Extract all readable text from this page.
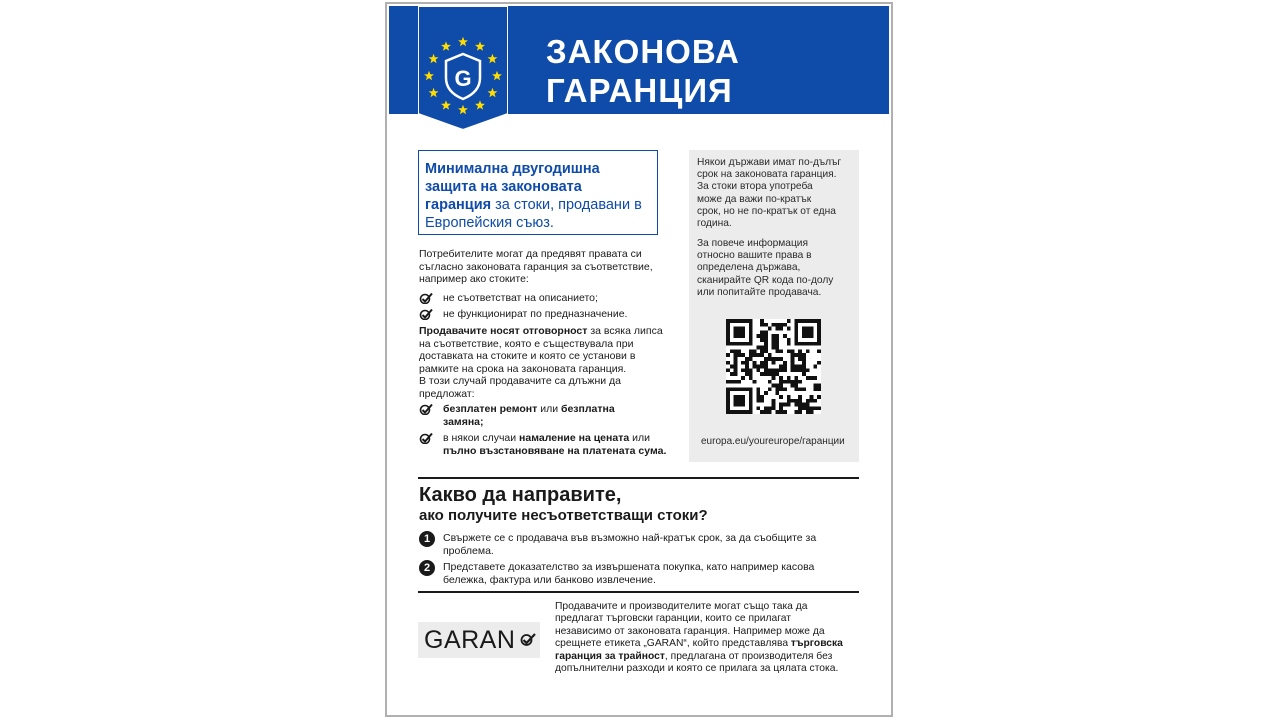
G
ЗАКОНОВА
ГАРАНЦИЯ
Минимална двугодишна защита на законовата гаранция за стоки, продавани в Европейския съюз.
Потребителите могат да предявят правата си
съгласно законовата гаранция за съответствие,
например ако стоките:
не съответстват на описанието;
не функционират по предназначение.
Продавачите носят отговорност за всяка липса
на съответствие, която е съществувала при
доставката на стоките и която се установи в
рамките на срока на законовата гаранция.
В този случай продавачите са длъжни да
предложат:
безплатен ремонт или безплатна
замяна;
в някои случаи намаление на цената или
пълно възстановяване на платената сума.
Някои държави имат по-дълъг
срок на законовата гаранция.
За стоки втора употреба
може да важи по-кратък
срок, но не по-кратък от една
година.
За повече информация
относно вашите права в
определена държава,
сканирайте QR кода по-долу
или попитайте продавача.
europa.eu/youreurope/гаранции
Какво да направите,
ако получите несъответстващи стоки?
1	Свържете се с продавача във възможно най-кратък срок, за да съобщите за
проблема.
2	Представете доказателство за извършената покупка, като например касова
бележка, фактура или банково извлечение.
GARAN
Продавачите и производителите могат също така да
предлагат търговски гаранции, които се прилагат
независимо от законовата гаранция. Например може да
срещнете етикета „GARAN“, който представлява търговска
гаранция за трайност, предлагана от производителя без
допълнителни разходи и която се прилага за цялата стока.
